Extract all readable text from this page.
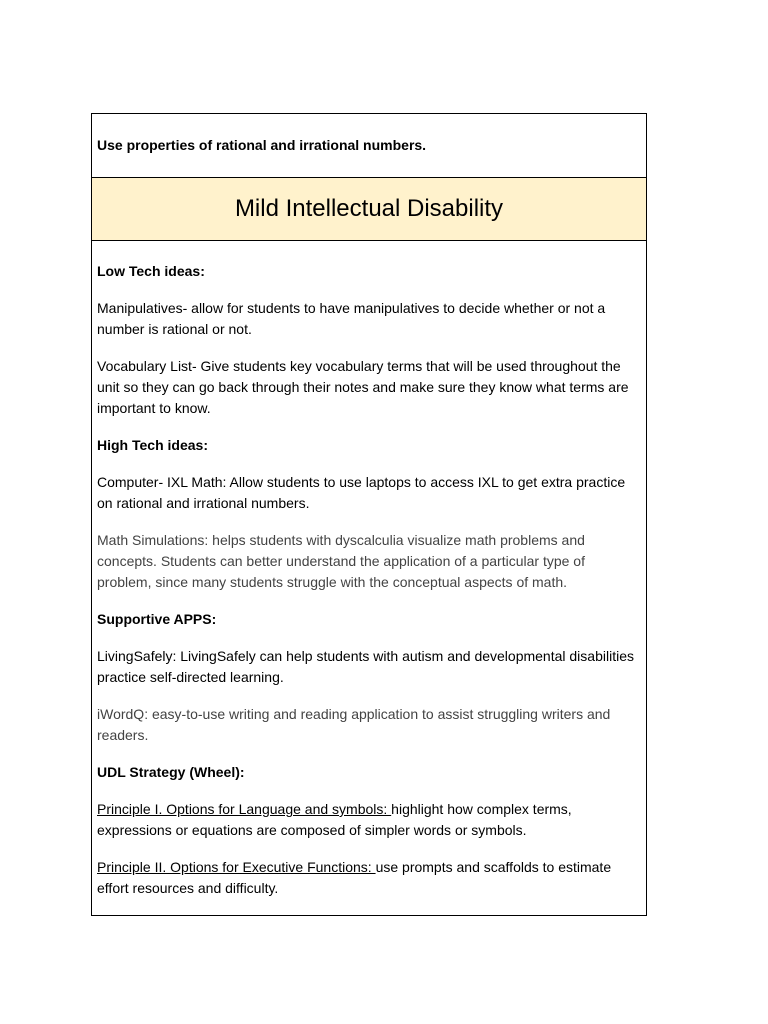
Use properties of rational and irrational numbers.
Mild Intellectual Disability

Low Tech ideas:

Manipulatives- allow for students to have manipulatives to decide whether or not a number is rational or not.

Vocabulary List- Give students key vocabulary terms that will be used throughout the unit so they can go back through their notes and make sure they know what terms are important to know.

High Tech ideas:

Computer- IXL Math: Allow students to use laptops to access IXL to get extra practice on rational and irrational numbers.

Math Simulations: helps students with dyscalculia visualize math problems and concepts. Students can better understand the application of a particular type of problem, since many students struggle with the conceptual aspects of math.

Supportive APPS:

LivingSafely: LivingSafely can help students with autism and developmental disabilities practice self-directed learning.

iWordQ: easy-to-use writing and reading application to assist struggling writers and readers.

UDL Strategy (Wheel):

Principle I. Options for Language and symbols: highlight how complex terms, expressions or equations are composed of simpler words or symbols.

Principle II. Options for Executive Functions: use prompts and scaffolds to estimate effort resources and difficulty.
